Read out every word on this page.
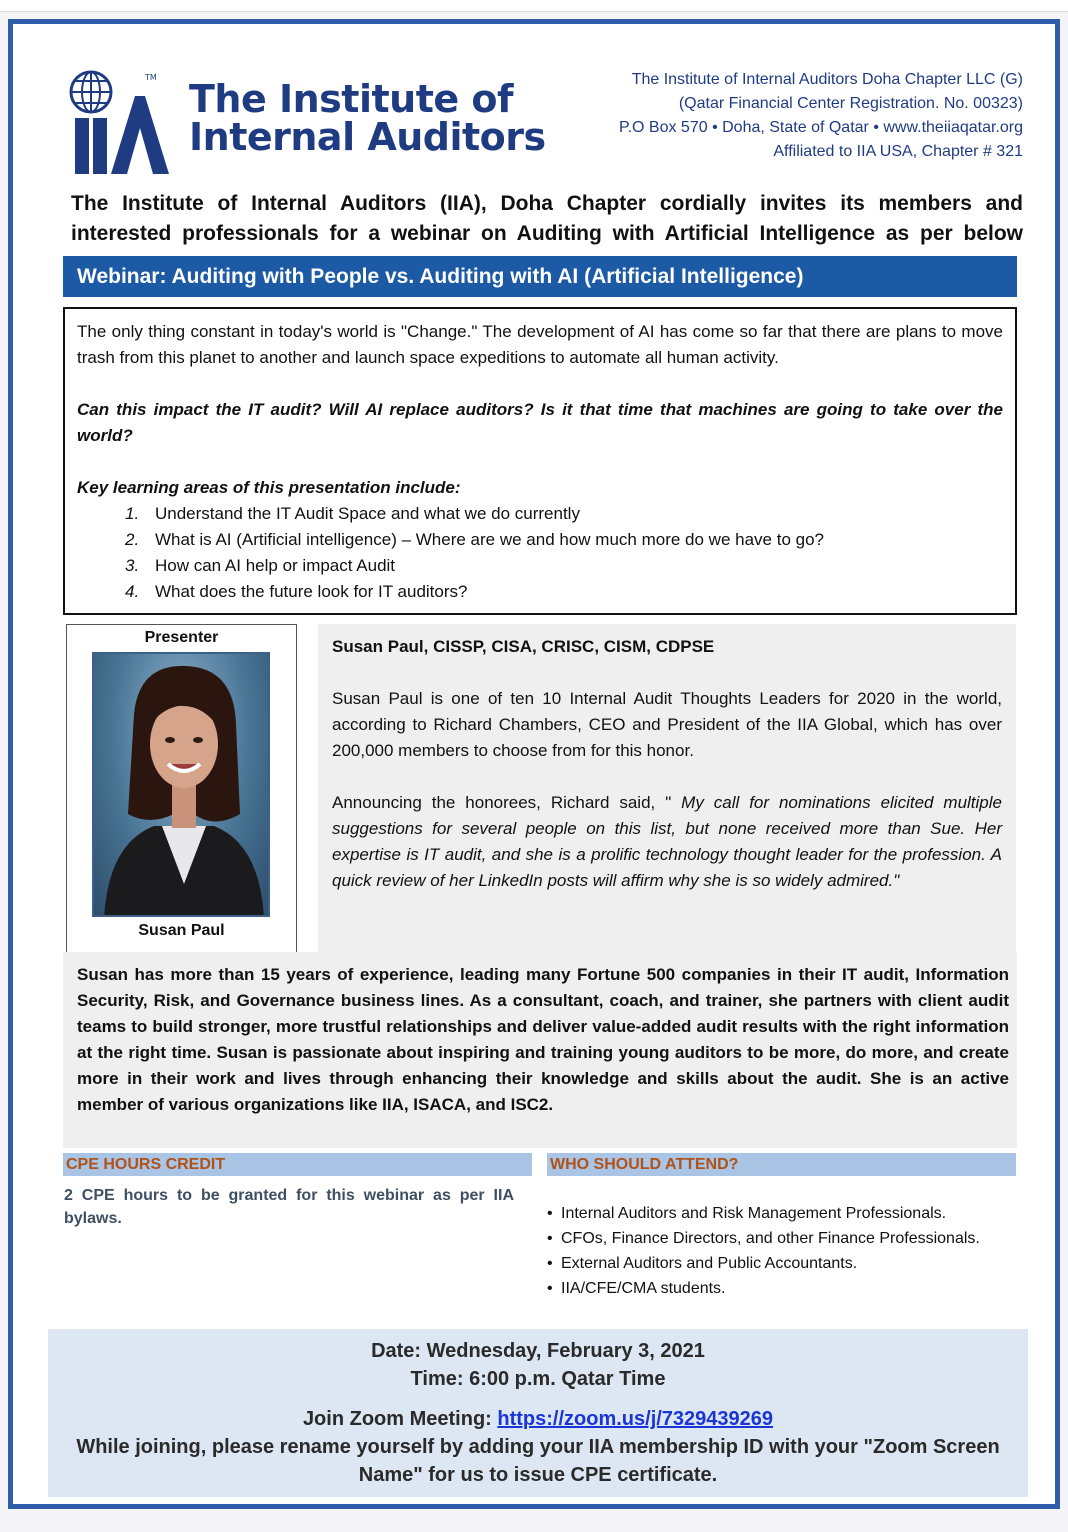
TM
IIA
The Institute of
Internal Auditors
The Institute of Internal Auditors Doha Chapter LLC (G)
(Qatar Financial Center Registration. No. 00323)
P.O Box 570 • Doha, State of Qatar • www.theiiaqatar.org
Affiliated to IIA USA, Chapter # 321
The Institute of Internal Auditors (IIA), Doha Chapter cordially invites its members and
interested professionals for a webinar on Auditing with Artificial Intelligence as per below
Webinar: Auditing with People vs. Auditing with AI (Artificial Intelligence)

The only thing constant in today's world is "Change." The development of AI has come so far that there are plans to move trash from this planet to another and launch space expeditions to automate all human activity.

Can this impact the IT audit? Will AI replace auditors? Is it that time that machines are going to take over the world?

Key learning areas of this presentation include:

1. Understand the IT Audit Space and what we do currently
2. What is AI (Artificial intelligence) – Where are we and how much more do we have to go?
3. How can AI help or impact Audit
4. What does the future look for IT auditors?
Presenter
Susan Paul

Susan Paul, CISSP, CISA, CRISC, CISM, CDPSE

Susan Paul is one of ten 10 Internal Audit Thoughts Leaders for 2020 in the world, according to Richard Chambers, CEO and President of the IIA Global, which has over 200,000 members to choose from for this honor.

Announcing the honorees, Richard said, " My call for nominations elicited multiple suggestions for several people on this list, but none received more than Sue. Her expertise is IT audit, and she is a prolific technology thought leader for the profession. A quick review of her LinkedIn posts will affirm why she is so widely admired."

Susan has more than 15 years of experience, leading many Fortune 500 companies in their IT audit, Information Security, Risk, and Governance business lines. As a consultant, coach, and trainer, she partners with client audit teams to build stronger, more trustful relationships and deliver value-added audit results with the right information at the right time. Susan is passionate about inspiring and training young auditors to be more, do more, and create more in their work and lives through enhancing their knowledge and skills about the audit. She is an active member of various organizations like IIA, ISACA, and ISC2.
CPE HOURS CREDIT	WHO SHOULD ATTEND?
2 CPE hours to be granted for this webinar as per IIA bylaws.
•	Internal Auditors and Risk Management Professionals.
• CFOs, Finance Directors, and other Finance Professionals.
• External Auditors and Public Accountants.
• IIA/CFE/CMA students.
Date: Wednesday, February 3, 2021
Time: 6:00 p.m. Qatar Time
Join Zoom Meeting: https://zoom.us/j/7329439269
While joining, please rename yourself by adding your IIA membership ID with your "Zoom Screen Name" for us to issue CPE certificate.
